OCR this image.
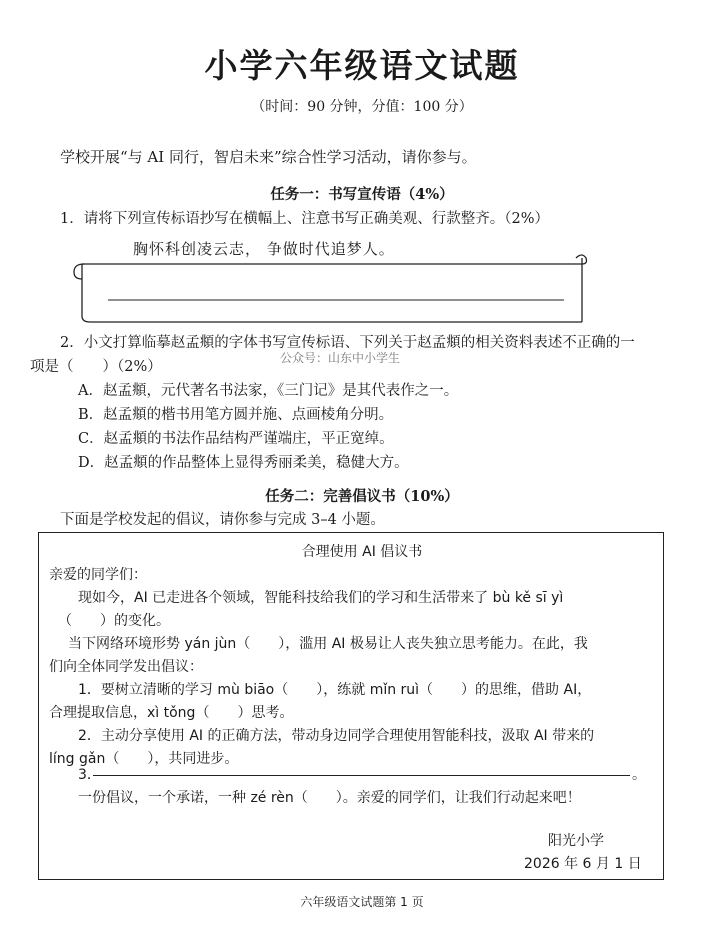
小学六年级语文试题
（时间：90 分钟，分值：100 分）
学校开展“与 AI 同行，智启未来”综合性学习活动，请你参与。
任务一：书写宣传语（4%）
1．请将下列宣传标语抄写在横幅上、注意书写正确美观、行款整齐。（2%）
胸怀科创凌云志， 争做时代追梦人。
2．小文打算临摹赵孟頫的字体书写宣传标语、下列关于赵孟頫的相关资料表述不正确的一
项是（　　）（2%）
公众号：山东中小学生
A．赵孟頫，元代著名书法家，《三门记》是其代表作之一。
B．赵孟頫的楷书用笔方圆并施、点画棱角分明。
C．赵孟頫的书法作品结构严谨端庄，平正宽绰。
D．赵孟頫的作品整体上显得秀丽柔美，稳健大方。
任务二：完善倡议书（10%）
下面是学校发起的倡议，请你参与完成 3–4 小题。
合理使用 AI 倡议书
亲爱的同学们：
现如今，AI 已走进各个领域，智能科技给我们的学习和生活带来了 bù kě sī yì
（　　）的变化。
当下网络环境形势 yán jùn（　　），滥用 AI 极易让人丧失独立思考能力。在此，我
们向全体同学发出倡议：
1．要树立清晰的学习 mù biāo（　　），练就 mǐn ruì（　　）的思维，借助 AI，
合理提取信息，xì tǒng（　　）思考。
2．主动分享使用 AI 的正确方法，带动身边同学合理使用智能科技，汲取 AI 带来的
líng gǎn（　　），共同进步。
3．	。
一份倡议，一个承诺，一种 zé rèn（　　）。亲爱的同学们，让我们行动起来吧！
阳光小学
2026 年 6 月 1 日
六年级语文试题第 1 页
